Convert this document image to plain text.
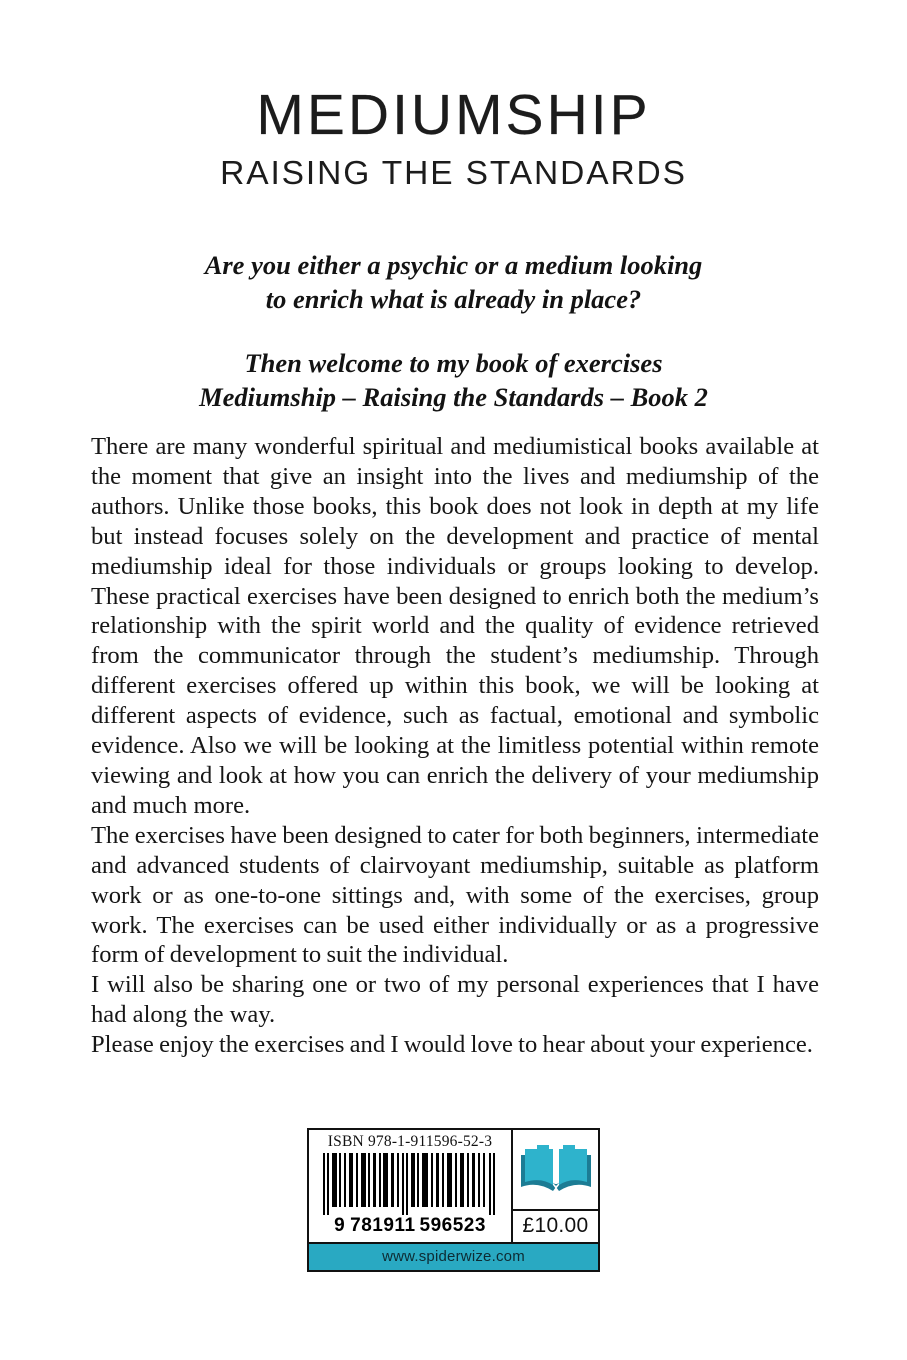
MEDIUMSHIP
RAISING THE STANDARDS
Are you either a psychic or a medium looking
to enrich what is already in place?
Then welcome to my book of exercises
Mediumship – Raising the Standards – Book 2

There are many wonderful spiritual and mediumistical books available at the moment that give an insight into the lives and mediumship of the authors. Unlike those books, this book does not look in depth at my life but instead focuses solely on the development and practice of mental mediumship ideal for those individuals or groups looking to develop. These practical exercises have been designed to enrich both the medium’s relationship with the spirit world and the quality of evidence retrieved from the communicator through the student’s mediumship. Through different exercises offered up within this book, we will be looking at different aspects of evidence, such as factual, emotional and symbolic evidence. Also we will be looking at the limitless potential within remote viewing and look at how you can enrich the delivery of your mediumship and much more.

The exercises have been designed to cater for both beginners, intermediate and advanced students of clairvoyant mediumship, suitable as platform work or as one-to-one sittings and, with some of the exercises, group work. The exercises can be used either individually or as a progressive form of development to suit the individual.

I will also be sharing one or two of my personal experiences that I have had along the way.

Please enjoy the exercises and I would love to hear about your experience.

ISBN 978-1-911596-52-3
9 781911 596523	£10.00
www.spiderwize.com
